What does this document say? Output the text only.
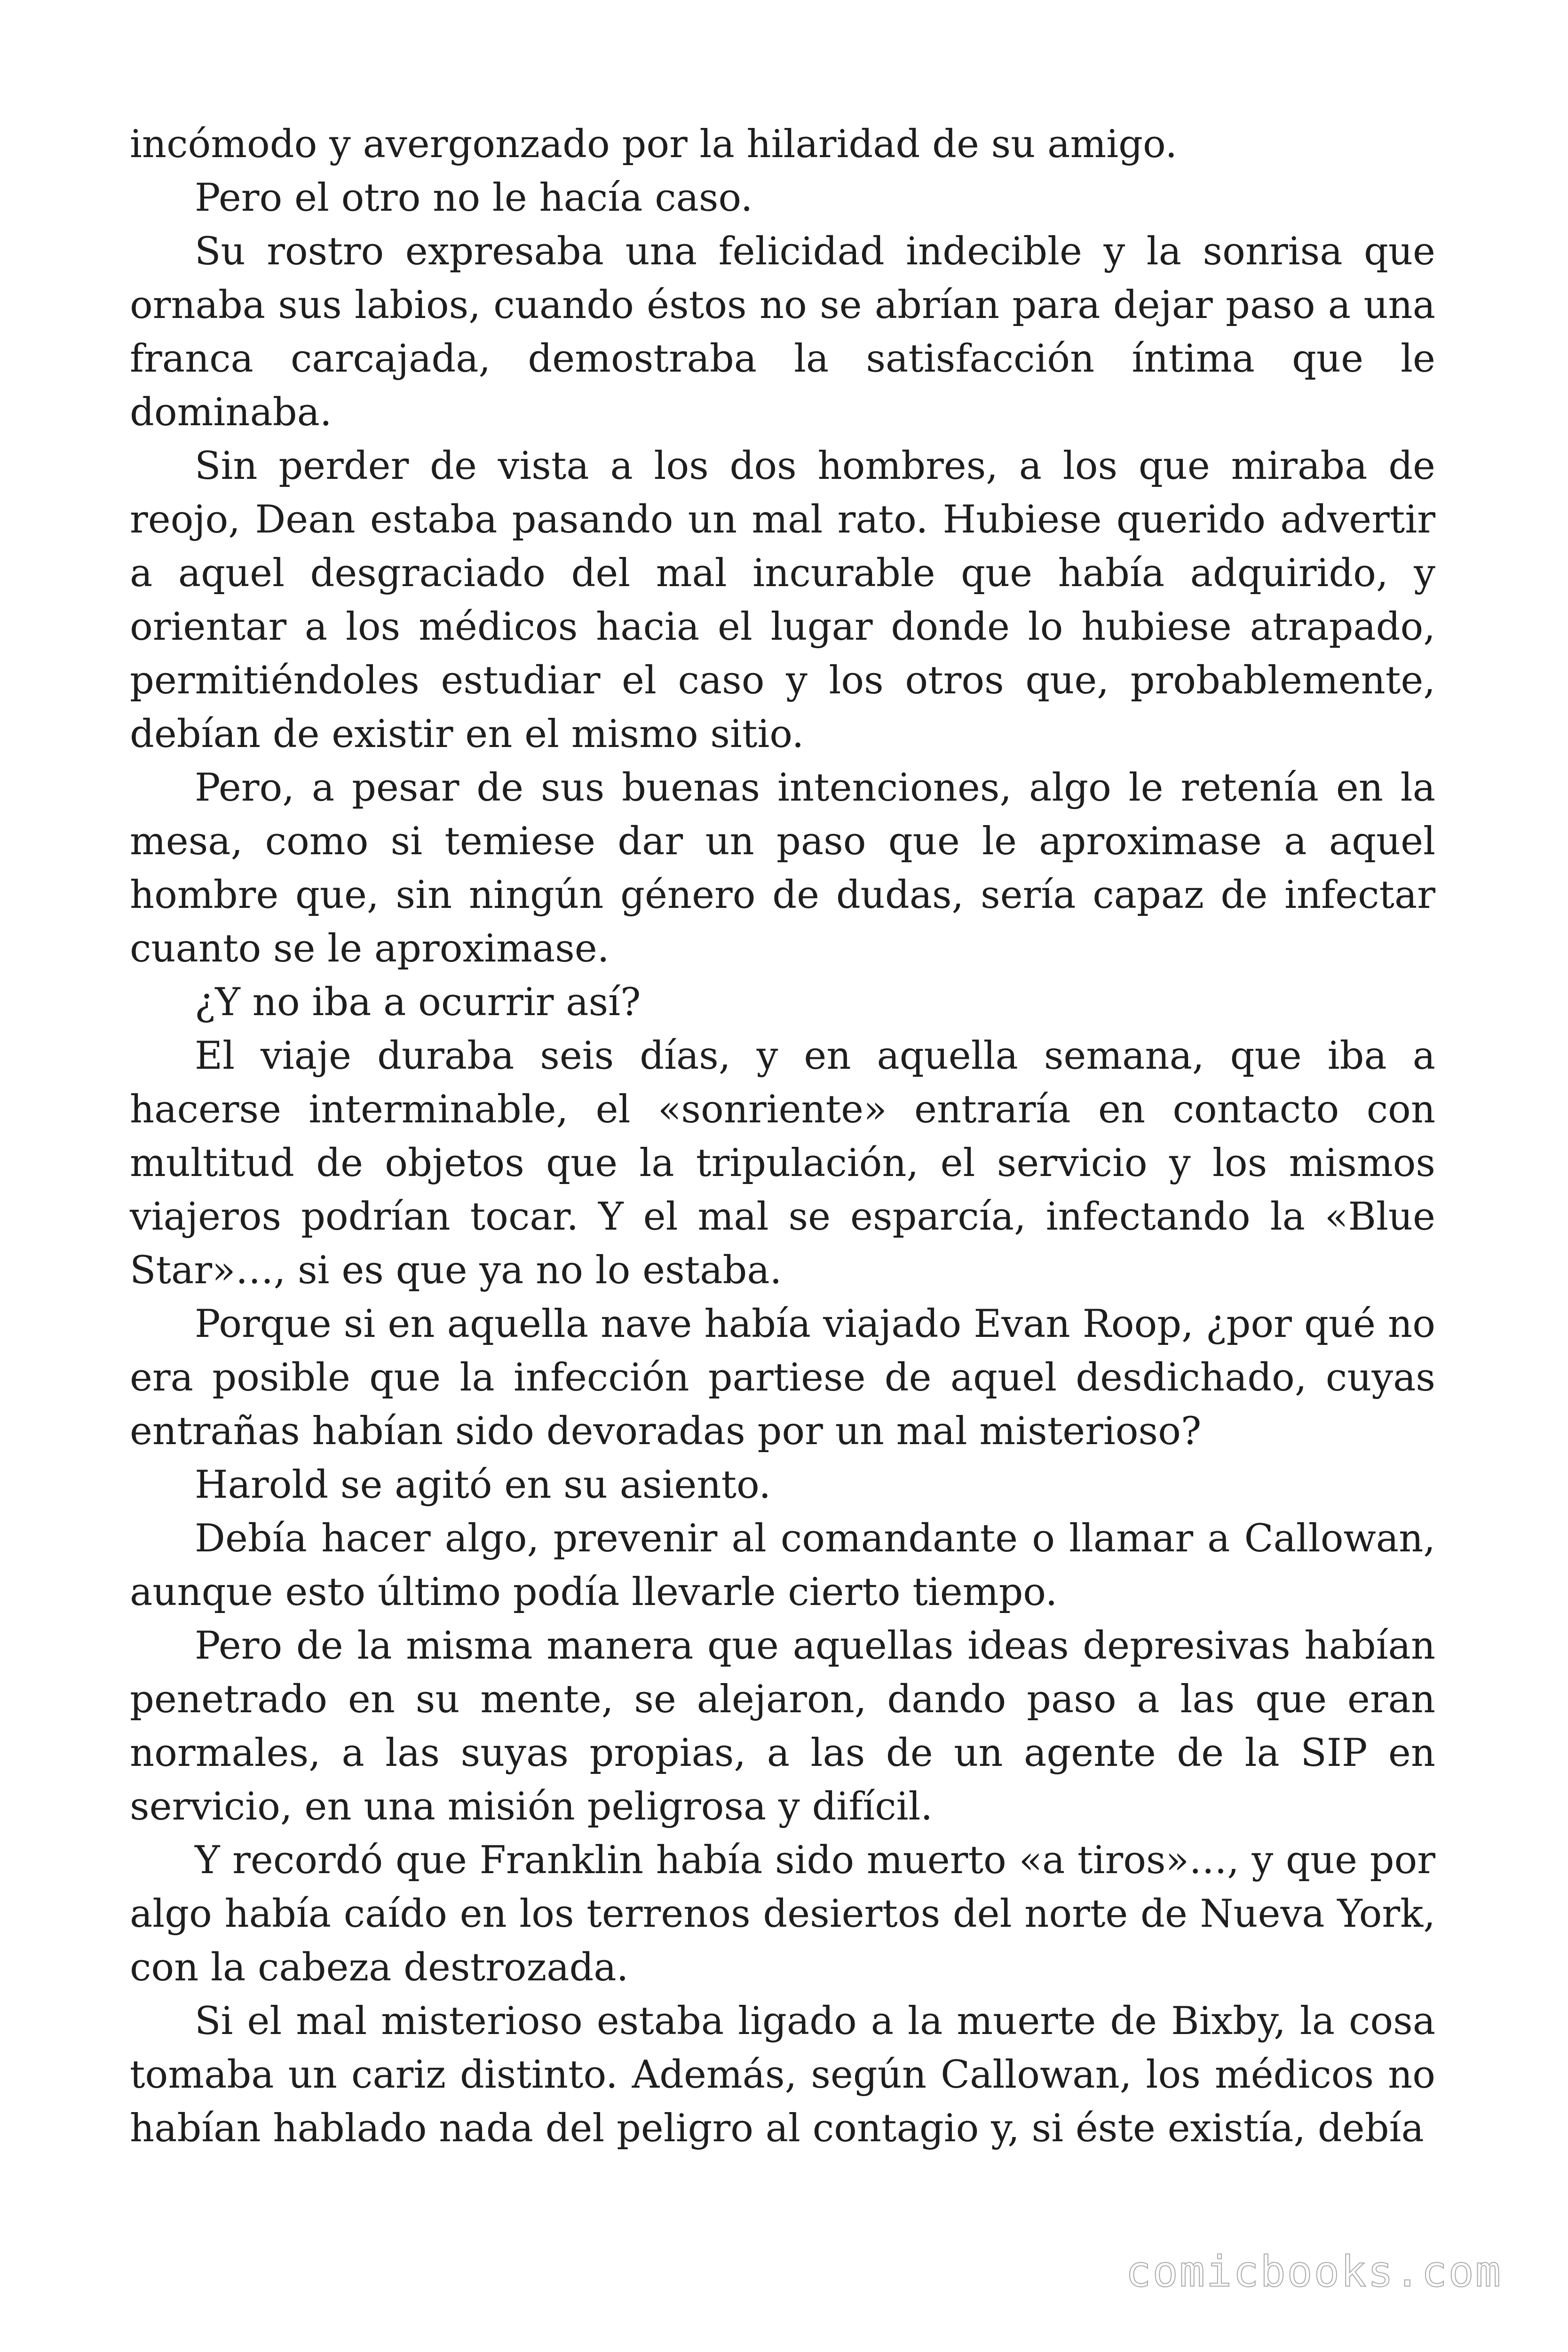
incómodo y avergonzado por la hilaridad de su amigo.

Pero el otro no le hacía caso.

Su rostro expresaba una felicidad indecible y la sonrisa que ornaba sus labios, cuando éstos no se abrían para dejar paso a una franca carcajada, demostraba la satisfacción íntima que le dominaba.

Sin perder de vista a los dos hombres, a los que miraba de reojo, Dean estaba pasando un mal rato. Hubiese querido advertir a aquel desgraciado del mal incurable que había adquirido, y orientar a los médicos hacia el lugar donde lo hubiese atrapado, permitiéndoles estudiar el caso y los otros que, probablemente, debían de existir en el mismo sitio.

Pero, a pesar de sus buenas intenciones, algo le retenía en la mesa, como si temiese dar un paso que le aproximase a aquel hombre que, sin ningún género de dudas, sería capaz de infectar cuanto se le aproximase.

¿Y no iba a ocurrir así?

El viaje duraba seis días, y en aquella semana, que iba a hacerse interminable, el «sonriente» entraría en contacto con multitud de objetos que la tripulación, el servicio y los mismos viajeros podrían tocar. Y el mal se esparcía, infectando la «Blue Star»…, si es que ya no lo estaba.

Porque si en aquella nave había viajado Evan Roop, ¿por qué no era posible que la infección partiese de aquel desdichado, cuyas entrañas habían sido devoradas por un mal misterioso?

Harold se agitó en su asiento.

Debía hacer algo, prevenir al comandante o llamar a Callowan, aunque esto último podía llevarle cierto tiempo.

Pero de la misma manera que aquellas ideas depresivas habían penetrado en su mente, se alejaron, dando paso a las que eran normales, a las suyas propias, a las de un agente de la SIP en servicio, en una misión peligrosa y difícil.

Y recordó que Franklin había sido muerto «a tiros»…, y que por algo había caído en los terrenos desiertos del norte de Nueva York, con la cabeza destrozada.

Si el mal misterioso estaba ligado a la muerte de Bixby, la cosa tomaba un cariz distinto. Además, según Callowan, los médicos no habían hablado nada del peligro al contagio y, si éste existía, debía

comicbooks.com
